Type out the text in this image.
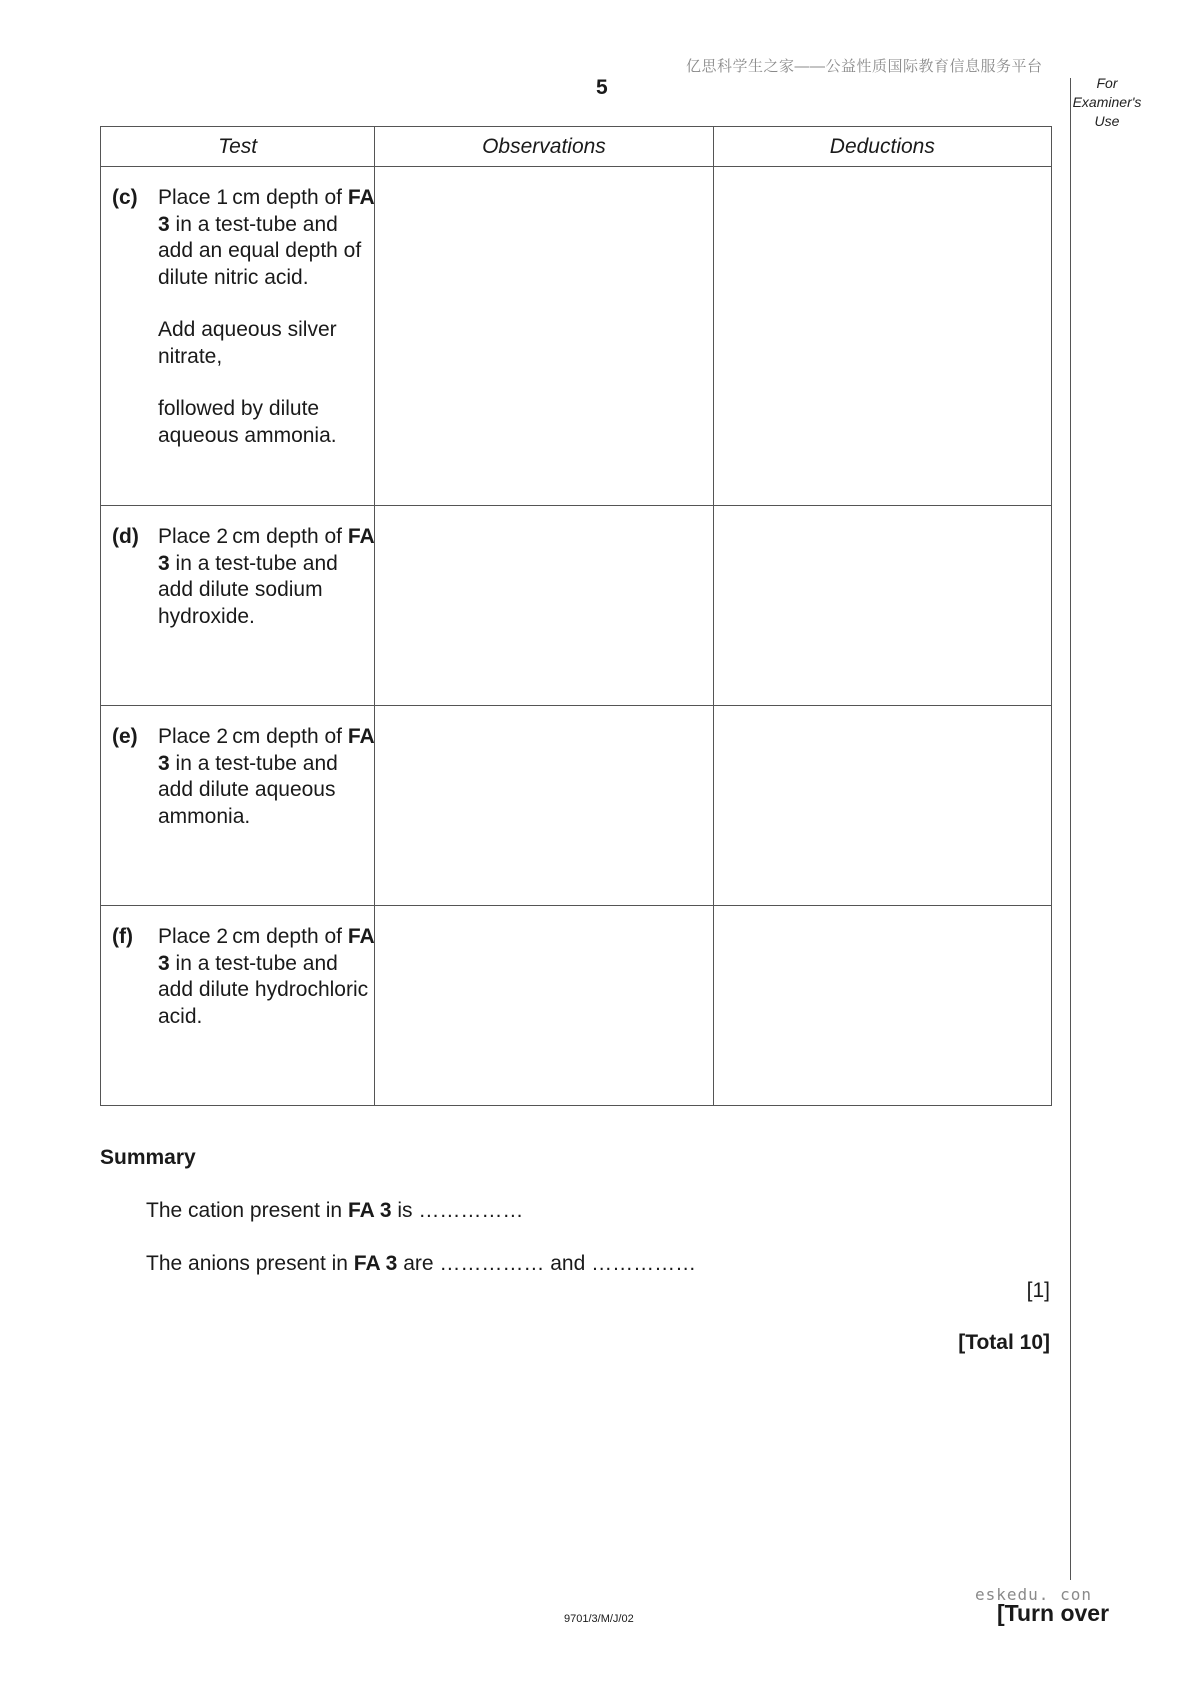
亿思科学生之家——公益性质国际教育信息服务平台
5	For
Examiner's
Use
Test	Observations	Deductions

(c) Place 1 cm depth of FA 3 in a test-tube and add an equal depth of dilute nitric acid.

Add aqueous silver nitrate,

followed by dilute aqueous ammonia.		

(d) Place 2 cm depth of FA 3 in a test-tube and add dilute sodium hydroxide.		

(e) Place 2 cm depth of FA 3 in a test-tube and add dilute aqueous ammonia.		

(f) Place 2 cm depth of FA 3 in a test-tube and add dilute hydrochloric acid.		

Summary
The cation present in FA 3 is ……………
The anions present in FA 3 are …………… and ……………
[1]
[Total 10]
eskedu. con
9701/3/M/J/02	[Turn over
